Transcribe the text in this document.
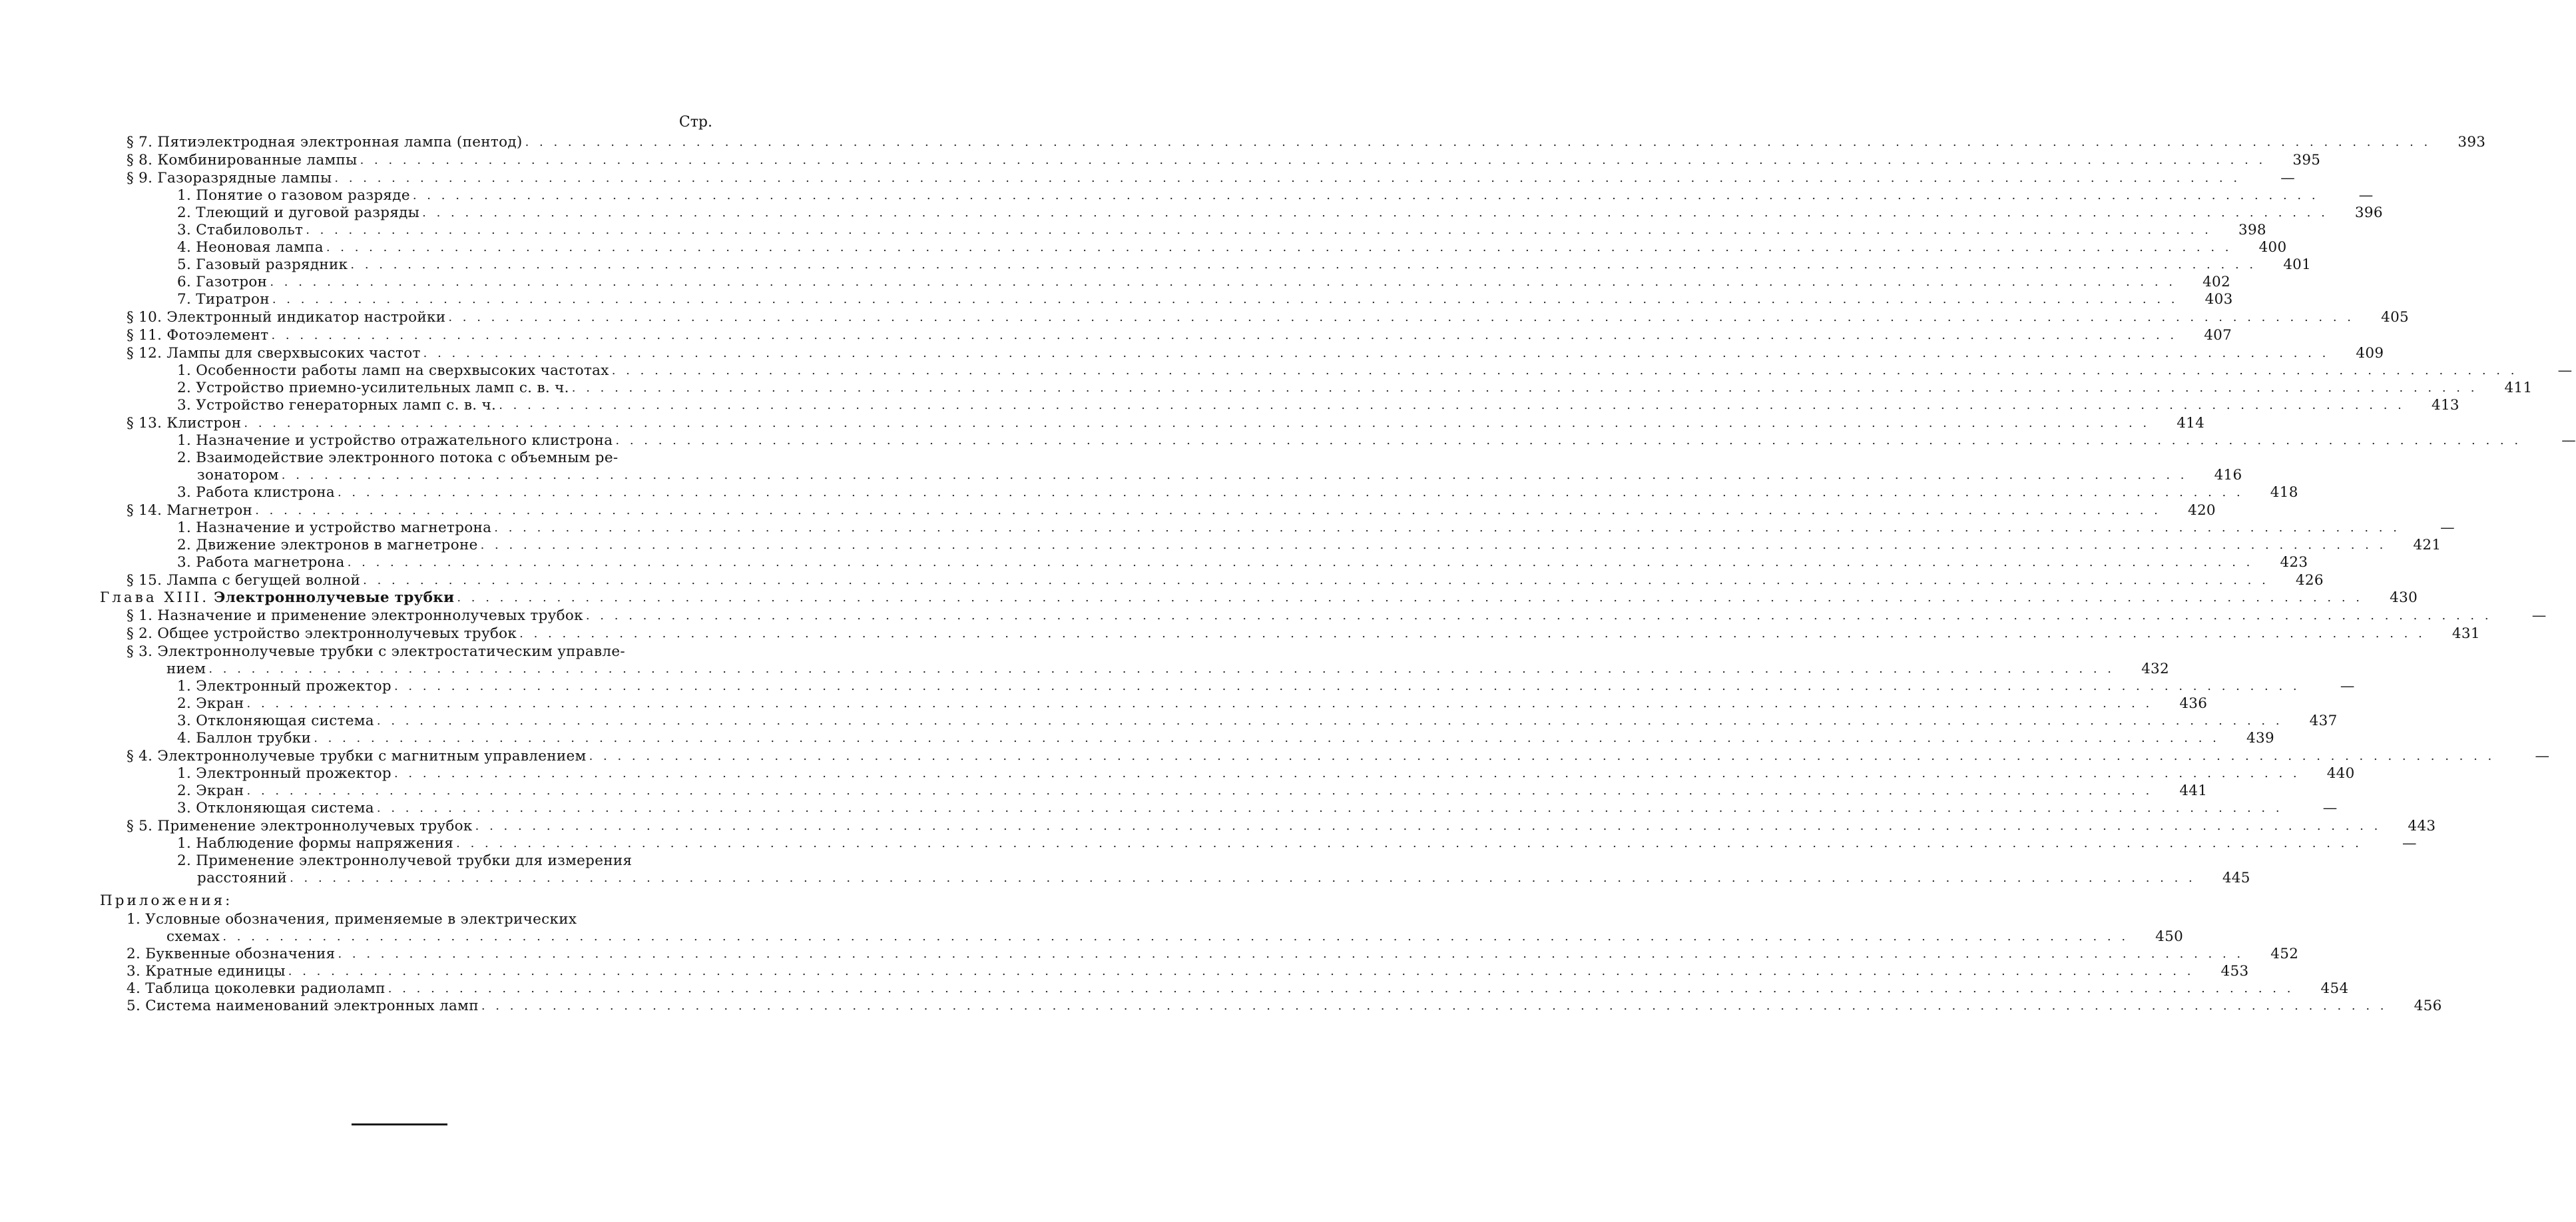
Стр.
§ 7. Пятиэлектродная электронная лампа (пентод) . . .	393
§ 8. Комбинированные лампы . . .	395
§ 9. Газоразрядные лампы . . .	—
1. Понятие о газовом разряде . . .	—
2. Тлеющий и дуговой разряды . . .	396
3. Стабиловольт . . .	398
4. Неоновая лампа . . .	400
5. Газовый разрядник . . .	401
6. Газотрон . . .	402
7. Тиратрон . . .	403
§ 10. Электронный индикатор настройки . . .	405
§ 11. Фотоэлемент . . .	407
§ 12. Лампы для сверхвысоких частот . . .	409
1. Особенности работы ламп на сверхвысоких частотах . . .	—
2. Устройство приемно-усилительных ламп с. в. ч. . . .	411
3. Устройство генераторных ламп с. в. ч. . . .	413
§ 13. Клистрон . . .	414
1. Назначение и устройство отражательного клистрона . . .	—
2. Взаимодействие электронного потока с объемным ре-
зонатором . . .	416
3. Работа клистрона . . .	418
§ 14. Магнетрон . . .	420
1. Назначение и устройство магнетрона . . .	—
2. Движение электронов в магнетроне . . .	421
3. Работа магнетрона . . .	423
§ 15. Лампа с бегущей волной . . .	426
Глава XIII. Электроннолучевые трубки . . .	430
§ 1. Назначение и применение электроннолучевых трубок . . .	—
§ 2. Общее устройство электроннолучевых трубок . . .	431
§ 3. Электроннолучевые трубки с электростатическим управле-
нием . . .	432
1. Электронный прожектор . . .	—
2. Экран . . .	436
3. Отклоняющая система . . .	437
4. Баллон трубки . . .	439
§ 4. Электроннолучевые трубки с магнитным управлением . . .	—
1. Электронный прожектор . . .	440
2. Экран . . .	441
3. Отклоняющая система . . .	—
§ 5. Применение электроннолучевых трубок . . .	443
1. Наблюдение формы напряжения . . .	—
2. Применение электроннолучевой трубки для измерения
расстояний . . .	445
Приложения:
1. Условные обозначения, применяемые в электрических
схемах . . .	450
2. Буквенные обозначения . . .	452
3. Кратные единицы . . .	453
4. Таблица цоколевки радиоламп . . .	454
5. Система наименований электронных ламп . . .	456
